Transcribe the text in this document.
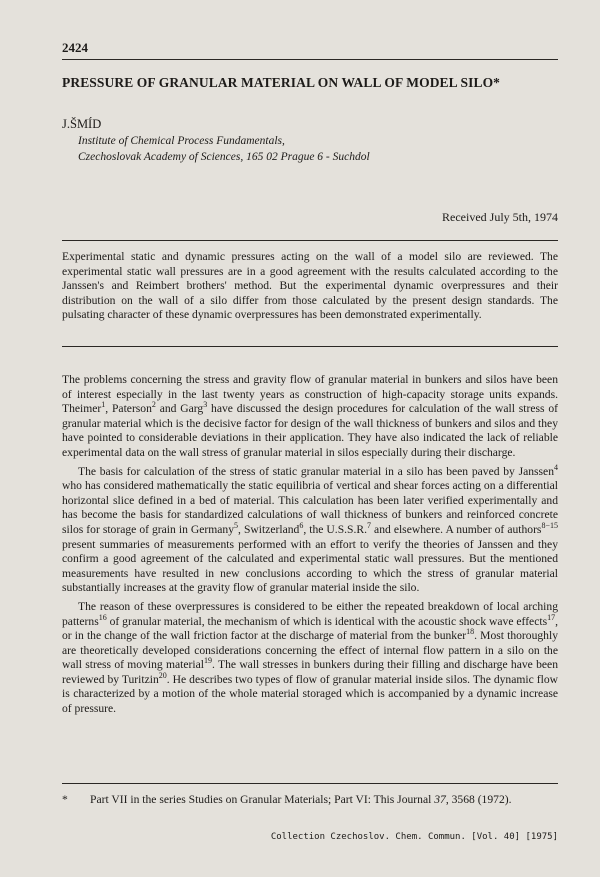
2424
PRESSURE OF GRANULAR MATERIAL ON WALL OF MODEL SILO*
J.ŠMÍD
Institute of Chemical Process Fundamentals,
Czechoslovak Academy of Sciences, 165 02 Prague 6 - Suchdol
Received July 5th, 1974
Experimental static and dynamic pressures acting on the wall of a model silo are reviewed. The experimental static wall pressures are in a good agreement with the results calculated according to the Janssen's and Reimbert brothers' method. But the experimental dynamic overpressures and their distribution on the wall of a silo differ from those calculated by the present design standards. The pulsating character of these dynamic overpressures has been demonstrated experimentally.

The problems concerning the stress and gravity flow of granular material in bunkers and silos have been of interest especially in the last twenty years as construction of high-capacity storage units expands. Theimer$^1$, Paterson$^2$ and Garg$^3$ have discussed the design procedures for calculation of the wall stress of granular material which is the decisive factor for design of the wall thickness of bunkers and silos and they have pointed to considerable deviations in their application. They have also indicated the lack of reliable experimental data on the wall stress of granular material in silos especially during their discharge.

The basis for calculation of the stress of static granular material in a silo has been paved by Janssen$^4$ who has considered mathematically the static equilibria of vertical and shear forces acting on a differential horizontal slice defined in a bed of material. This calculation has been later verified experimentally and has become the basis for standardized calculations of wall thickness of bunkers and reinforced concrete silos for storage of grain in Germany$^5$, Switzerland$^6$, the U.S.S.R.$^7$ and elsewhere. A number of authors$^{8-15}$ present summaries of measurements performed with an effort to verify the theories of Janssen and they confirm a good agreement of the calculated and experimental static wall pressures. But the mentioned measurements have resulted in new conclusions according to which the stress of granular material substantially increases at the gravity flow of granular material inside the silo.

The reason of these overpressures is considered to be either the repeated breakdown of local arching patterns$^{16}$ of granular material, the mechanism of which is identical with the acoustic shock wave effects$^{17}$, or in the change of the wall friction factor at the discharge of material from the bunker$^{18}$. Most thoroughly are theoretically developed considerations concerning the effect of internal flow pattern in a silo on the wall stress of moving material$^{19}$. The wall stresses in bunkers during their filling and discharge have been reviewed by Turitzin$^{20}$. He describes two types of flow of granular material inside silos. The dynamic flow is characterized by a motion of the whole material storaged which is accompanied by a dynamic increase of pressure.

* Part VII in the series Studies on Granular Materials; Part VI: This Journal 37, 3568 (1972).
Collection Czechoslov. Chem. Commun. [Vol. 40] [1975]
